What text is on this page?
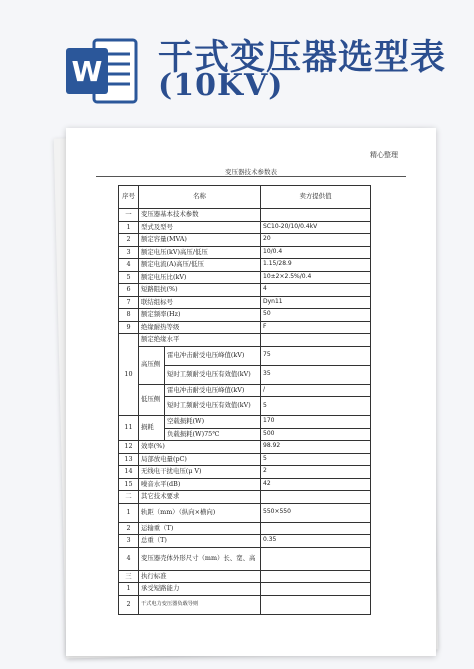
W 干式变压器选型表
(10KV)
精心整理
变压器技术参数表
序号	名称		卖方提供值
一	变压器基本技术参数		
1	型式及型号		SC10-20/10/0.4kV
2	额定容量(MVA)		20
3	额定电压(kV)高压/低压		10/0.4
4	额定电流(A)高压/低压		1.15/28.9
5	额定电压比(kV)		10±2×2.5%/0.4
6	短路阻抗(%)		4
7	联结组标号		Dyn11
8	额定频率(Hz)		50
9	绝缘耐热等级		F
10	额定绝缘水平		
	高压侧	雷电冲击耐受电压峰值(kV)	75
		短时工频耐受电压有效值(kV)	35
	低压侧	雷电冲击耐受电压峰值(kV)	/
		短时工频耐受电压有效值(kV)	5
11	损耗	空载损耗(W)	170
		负载损耗(W)75℃	500
12	效率(%)		98.92
13	局部放电量(pC)		5
14	无线电干扰电压(μ V)		2
15	噪音水平(dB)		42
二	其它技术要求		
1	轨距（mm）（纵向×横向)		550×550
2	运输重（T)		
3	总重（T)		0.35
4	变压器壳体外形尺寸（mm）长、宽、高		
三	执行标准		
1	承受短路能力		
2	干式电力变压器负载导则		
